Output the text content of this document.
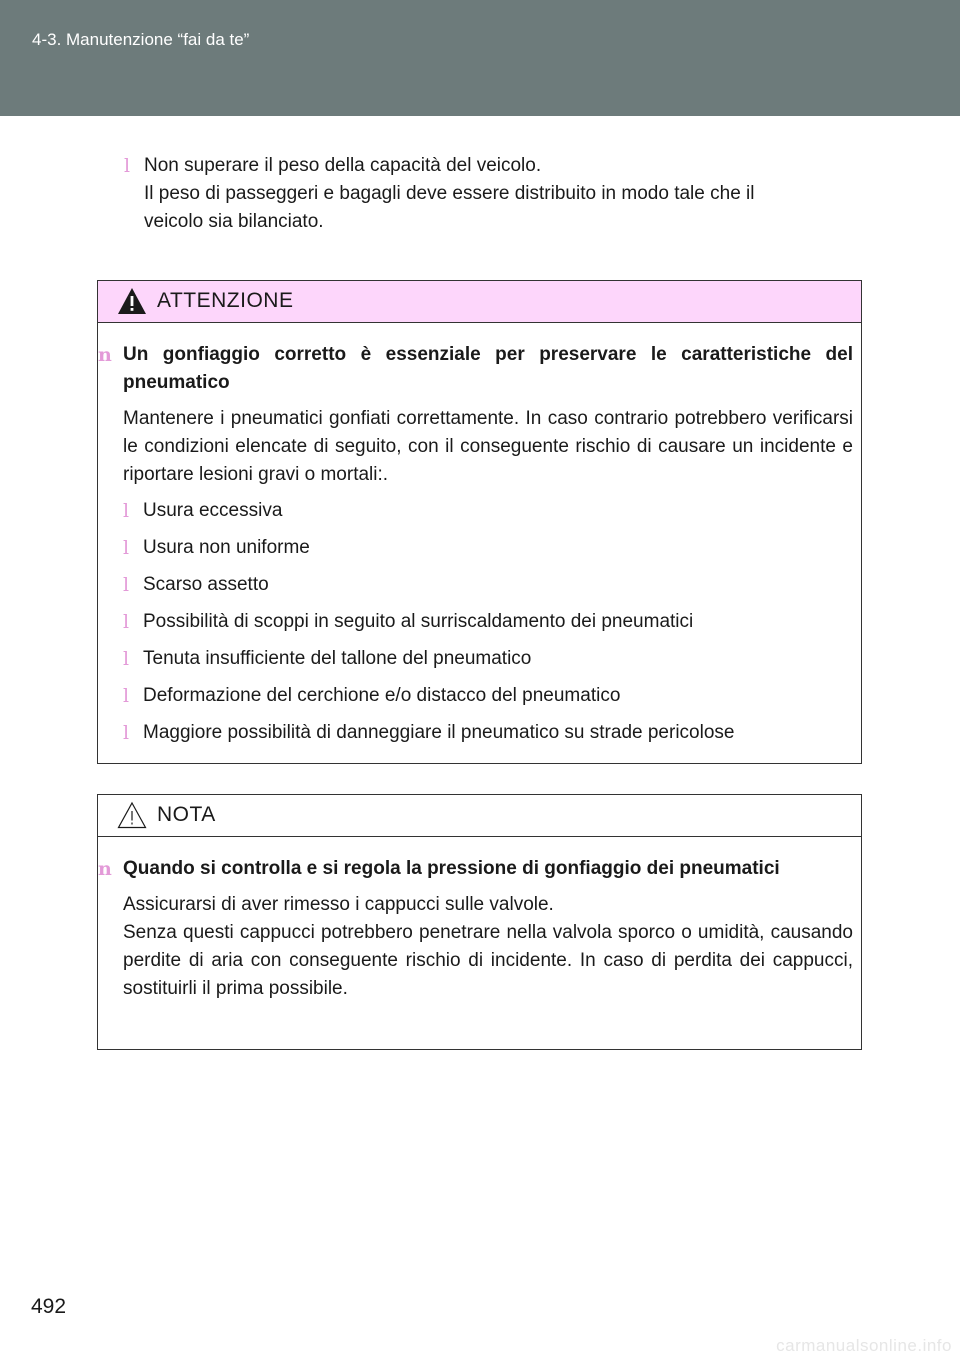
4-3. Manutenzione “fai da te”
l Non superare il peso della capacità del veicolo.
Il peso di passeggeri e bagagli deve essere distribuito in modo tale che il
veicolo sia bilanciato.
ATTENZIONE
n Un gonfiaggio corretto è essenziale per preservare le caratteristiche del pneumatico
Mantenere i pneumatici gonfiati correttamente. In caso contrario potrebbero verificarsi le condizioni elencate di seguito, con il conseguente rischio di causare un incidente e riportare lesioni gravi o mortali:.
l Usura eccessiva
l Usura non uniforme
l Scarso assetto
l Possibilità di scoppi in seguito al surriscaldamento dei pneumatici
l Tenuta insufficiente del tallone del pneumatico
l Deformazione del cerchione e/o distacco del pneumatico
l Maggiore possibilità di danneggiare il pneumatico su strade pericolose
NOTA
n Quando si controlla e si regola la pressione di gonfiaggio dei pneumatici
Assicurarsi di aver rimesso i cappucci sulle valvole.
Senza questi cappucci potrebbero penetrare nella valvola sporco o umidità, causando perdite di aria con conseguente rischio di incidente. In caso di perdita dei cappucci, sostituirli il prima possibile.
492
carmanualsonline.info
